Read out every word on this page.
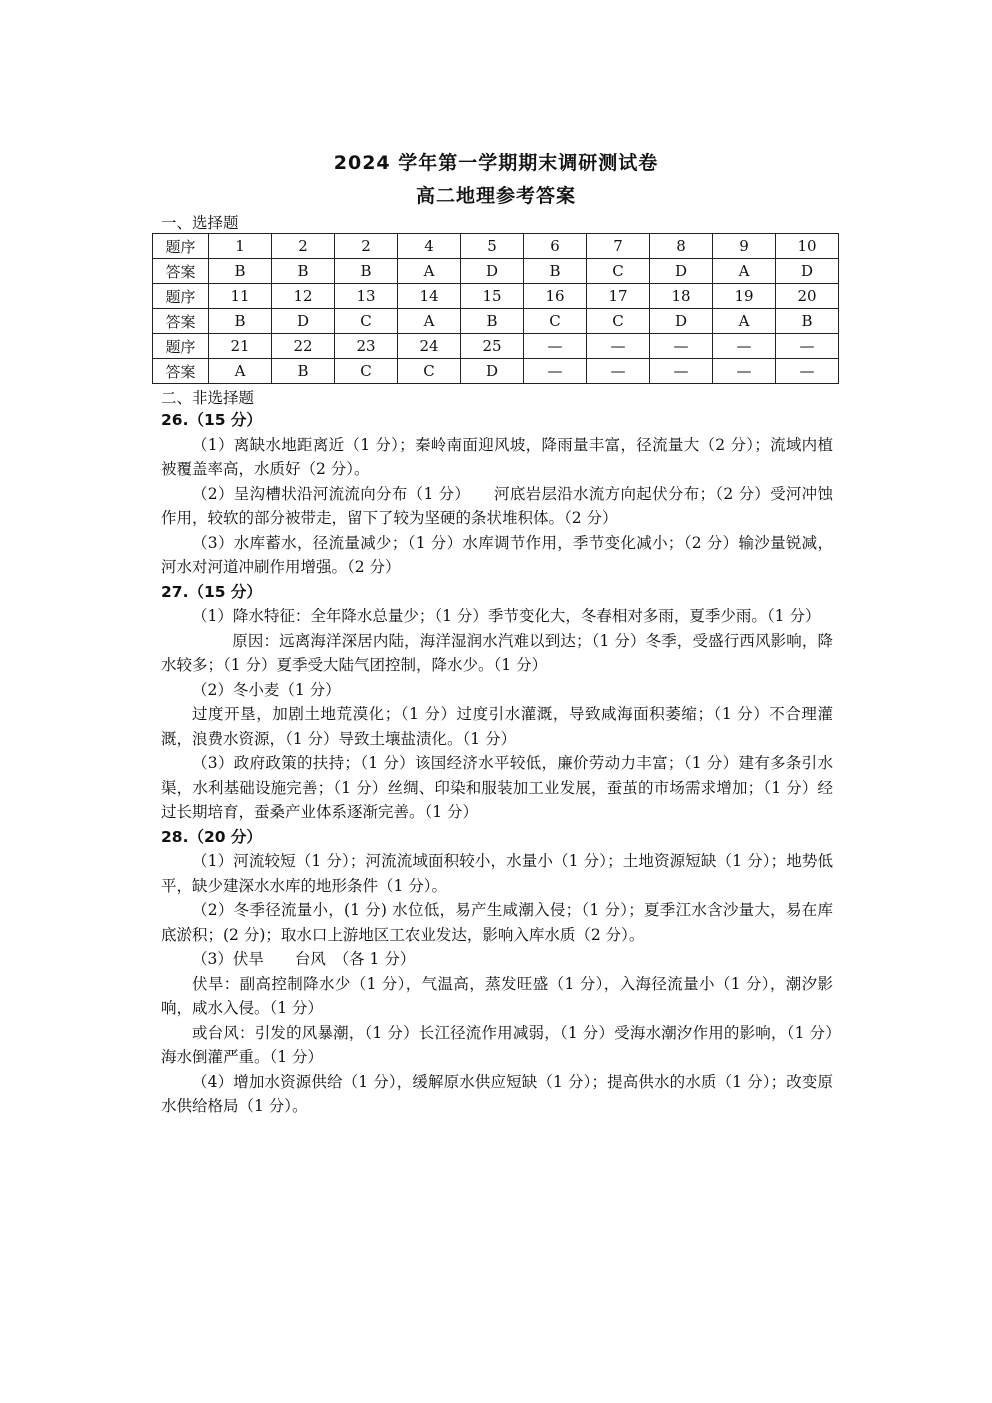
2024 学年第一学期期末调研测试卷
高二地理参考答案
一、选择题
题序	1	2	2	4	5	6	7	8	9	10
答案	B	B	B	A	D	B	C	D	A	D
题序	11	12	13	14	15	16	17	18	19	20
答案	B	D	C	A	B	C	C	D	A	B
题序	21	22	23	24	25	—	—	—	—	—
答案	A	B	C	C	D	—	—	—	—	—
二、非选择题

26.（15 分）

（1）离缺水地距离近（1 分）；秦岭南面迎风坡，降雨量丰富，径流量大（2 分）；流域内植被覆盖率高，水质好（2 分）。

（2）呈沟槽状沿河流流向分布（1 分）　　河底岩层沿水流方向起伏分布；（2 分）受河冲蚀作用，较软的部分被带走，留下了较为坚硬的条状堆积体。（2 分）

（3）水库蓄水，径流量减少；（1 分）水库调节作用，季节变化减小；（2 分）输沙量锐减，河水对河道冲刷作用增强。（2 分）

27.（15 分）

（1）降水特征：全年降水总量少；（1 分）季节变化大，冬春相对多雨，夏季少雨。（1 分）

原因：远离海洋深居内陆，海洋湿润水汽难以到达；（1 分）冬季，受盛行西风影响，降水较多；（1 分）夏季受大陆气团控制，降水少。（1 分）

（2）冬小麦（1 分）

过度开垦，加剧土地荒漠化；（1 分）过度引水灌溉，导致咸海面积萎缩；（1 分）不合理灌溉，浪费水资源，（1 分）导致土壤盐渍化。（1 分）

（3）政府政策的扶持；（1 分）该国经济水平较低，廉价劳动力丰富；（1 分）建有多条引水渠，水利基础设施完善；（1 分）丝绸、印染和服装加工业发展，蚕茧的市场需求增加；（1 分）经过长期培育，蚕桑产业体系逐渐完善。（1 分）

28.（20 分）

（1）河流较短（1 分）；河流流域面积较小，水量小（1 分）；土地资源短缺（1 分）；地势低平，缺少建深水水库的地形条件（1 分）。

（2）冬季径流量小，(1 分) 水位低，易产生咸潮入侵；（1 分）；夏季江水含沙量大，易在库底淤积；(2 分)；取水口上游地区工农业发达，影响入库水质（2 分）。

（3）伏旱　　台风　（各 1 分）

伏旱：副高控制降水少（1 分），气温高，蒸发旺盛（1 分），入海径流量小（1 分），潮汐影响，咸水入侵。（1 分）

或台风：引发的风暴潮，（1 分）长江径流作用减弱，（1 分）受海水潮汐作用的影响，（1 分）海水倒灌严重。（1 分）

（4）增加水资源供给（1 分），缓解原水供应短缺（1 分）；提高供水的水质（1 分）；改变原水供给格局（1 分）。
